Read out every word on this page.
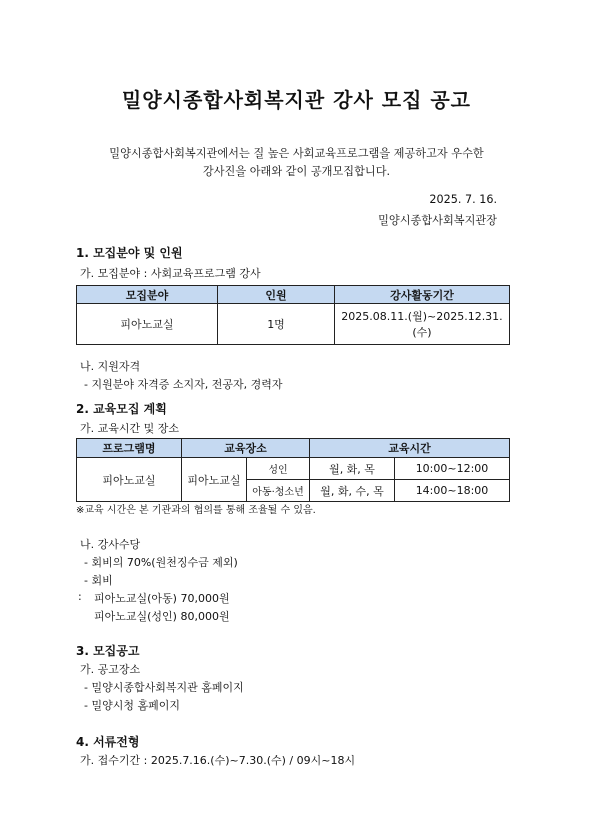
밀양시종합사회복지관 강사 모집 공고
밀양시종합사회복지관에서는 질 높은 사회교육프로그램을 제공하고자 우수한
강사진을 아래와 같이 공개모집합니다.
2025. 7. 16.
밀양시종합사회복지관장
1. 모집분야 및 인원
가. 모집분야 : 사회교육프로그램 강사
모집분야	인원	강사활동기간
피아노교실	1명	2025.08.11.(월)~2025.12.31.(수)
나. 지원자격
- 지원분야 자격증 소지자, 전공자, 경력자
2. 교육모집 계획
가. 교육시간 및 장소
프로그램명	교육장소		교육시간	
피아노교실	피아노교실	성인	월, 화, 목	10:00~12:00
		아동·청소년	월, 화, 수, 목	14:00~18:00
※교육 시간은 본 기관과의 협의를 통해 조율될 수 있음.
나. 강사수당
- 회비의 70%(원천징수금 제외)
- 회비
: 피아노교실(아동) 70,000원
피아노교실(성인) 80,000원
3. 모집공고
가. 공고장소
- 밀양시종합사회복지관 홈페이지
- 밀양시청 홈페이지
4. 서류전형
가. 접수기간 : 2025.7.16.(수)~7.30.(수) / 09시~18시
